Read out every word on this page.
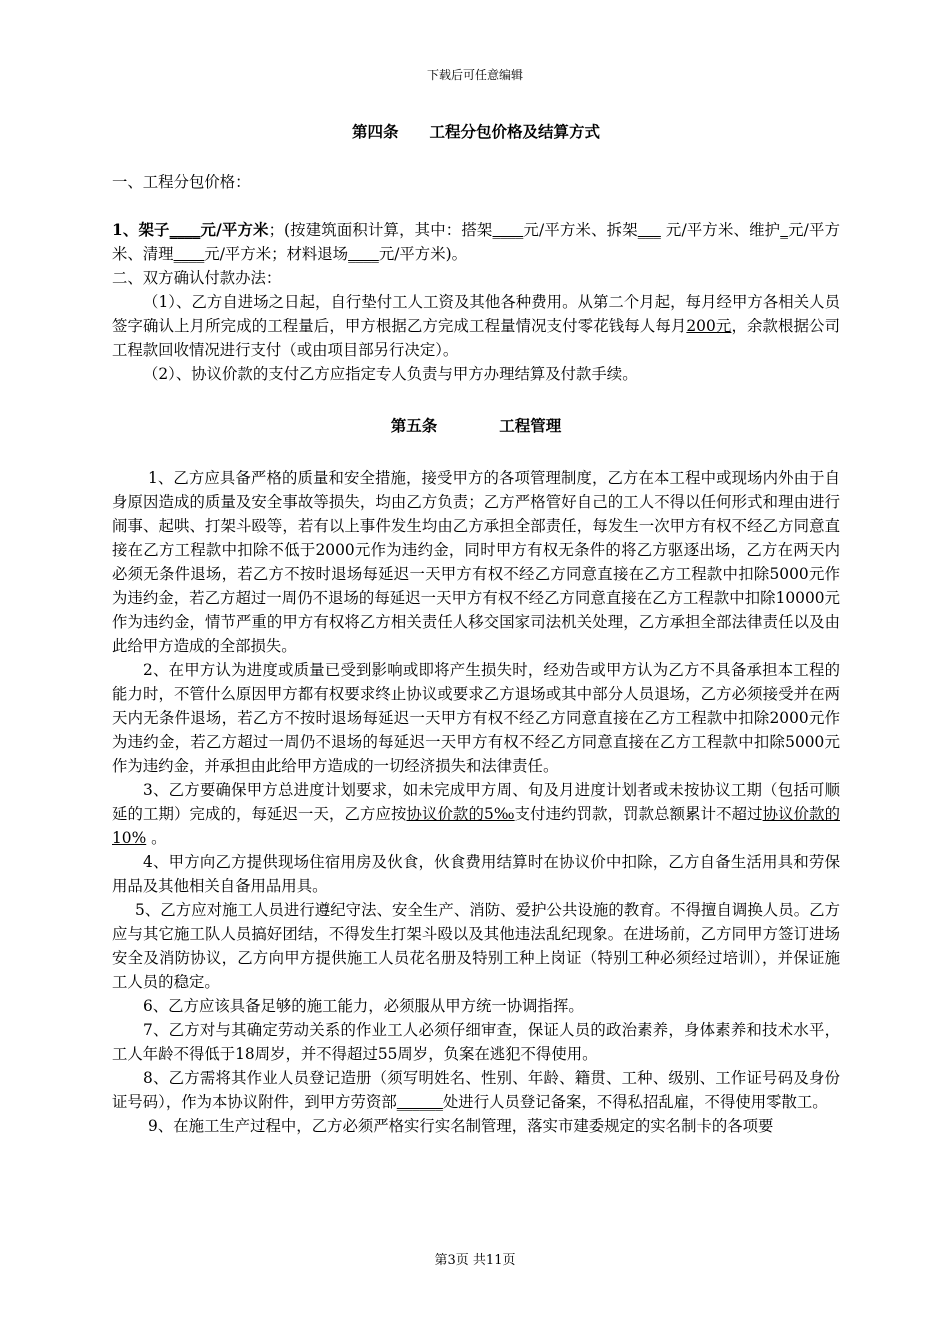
下载后可任意编辑
第四条　　工程分包价格及结算方式

一、工程分包价格：

1、架子____元/平方米；(按建筑面积计算，其中：搭架____元/平方米、拆架___ 元/平方米、维护_元/平方米、清理____元/平方米；材料退场____元/平方米)。

二、双方确认付款办法：

（1）、乙方自进场之日起，自行垫付工人工资及其他各种费用。从第二个月起，每月经甲方各相关人员签字确认上月所完成的工程量后，甲方根据乙方完成工程量情况支付零花钱每人每月200元，余款根据公司工程款回收情况进行支付（或由项目部另行决定）。

（2）、协议价款的支付乙方应指定专人负责与甲方办理结算及付款手续。

第五条　　　　工程管理

1、乙方应具备严格的质量和安全措施，接受甲方的各项管理制度，乙方在本工程中或现场内外由于自身原因造成的质量及安全事故等损失，均由乙方负责；乙方严格管好自己的工人不得以任何形式和理由进行闹事、起哄、打架斗殴等，若有以上事件发生均由乙方承担全部责任，每发生一次甲方有权不经乙方同意直接在乙方工程款中扣除不低于2000元作为违约金，同时甲方有权无条件的将乙方驱逐出场，乙方在两天内必须无条件退场，若乙方不按时退场每延迟一天甲方有权不经乙方同意直接在乙方工程款中扣除5000元作为违约金，若乙方超过一周仍不退场的每延迟一天甲方有权不经乙方同意直接在乙方工程款中扣除10000元作为违约金，情节严重的甲方有权将乙方相关责任人移交国家司法机关处理，乙方承担全部法律责任以及由此给甲方造成的全部损失。

2、在甲方认为进度或质量已受到影响或即将产生损失时，经劝告或甲方认为乙方不具备承担本工程的能力时，不管什么原因甲方都有权要求终止协议或要求乙方退场或其中部分人员退场，乙方必须接受并在两天内无条件退场，若乙方不按时退场每延迟一天甲方有权不经乙方同意直接在乙方工程款中扣除2000元作为违约金，若乙方超过一周仍不退场的每延迟一天甲方有权不经乙方同意直接在乙方工程款中扣除5000元作为违约金，并承担由此给甲方造成的一切经济损失和法律责任。

3、乙方要确保甲方总进度计划要求，如未完成甲方周、旬及月进度计划者或未按协议工期（包括可顺延的工期）完成的，每延迟一天，乙方应按协议价款的5‰支付违约罚款，罚款总额累计不超过协议价款的10% 。

4、甲方向乙方提供现场住宿用房及伙食，伙食费用结算时在协议价中扣除，乙方自备生活用具和劳保用品及其他相关自备用品用具。

5、乙方应对施工人员进行遵纪守法、安全生产、消防、爱护公共设施的教育。不得擅自调换人员。乙方应与其它施工队人员搞好团结，不得发生打架斗殴以及其他违法乱纪现象。在进场前，乙方同甲方签订进场安全及消防协议，乙方向甲方提供施工人员花名册及特别工种上岗证（特别工种必须经过培训），并保证施工人员的稳定。

6、乙方应该具备足够的施工能力，必须服从甲方统一协调指挥。

7、乙方对与其确定劳动关系的作业工人必须仔细审查，保证人员的政治素养，身体素养和技术水平，工人年龄不得低于18周岁，并不得超过55周岁，负案在逃犯不得使用。

8、乙方需将其作业人员登记造册（须写明姓名、性别、年龄、籍贯、工种、级别、工作证号码及身份证号码），作为本协议附件，到甲方劳资部______处进行人员登记备案，不得私招乱雇，不得使用零散工。

9、在施工生产过程中，乙方必须严格实行实名制管理，落实市建委规定的实名制卡的各项要

第3页 共11页
